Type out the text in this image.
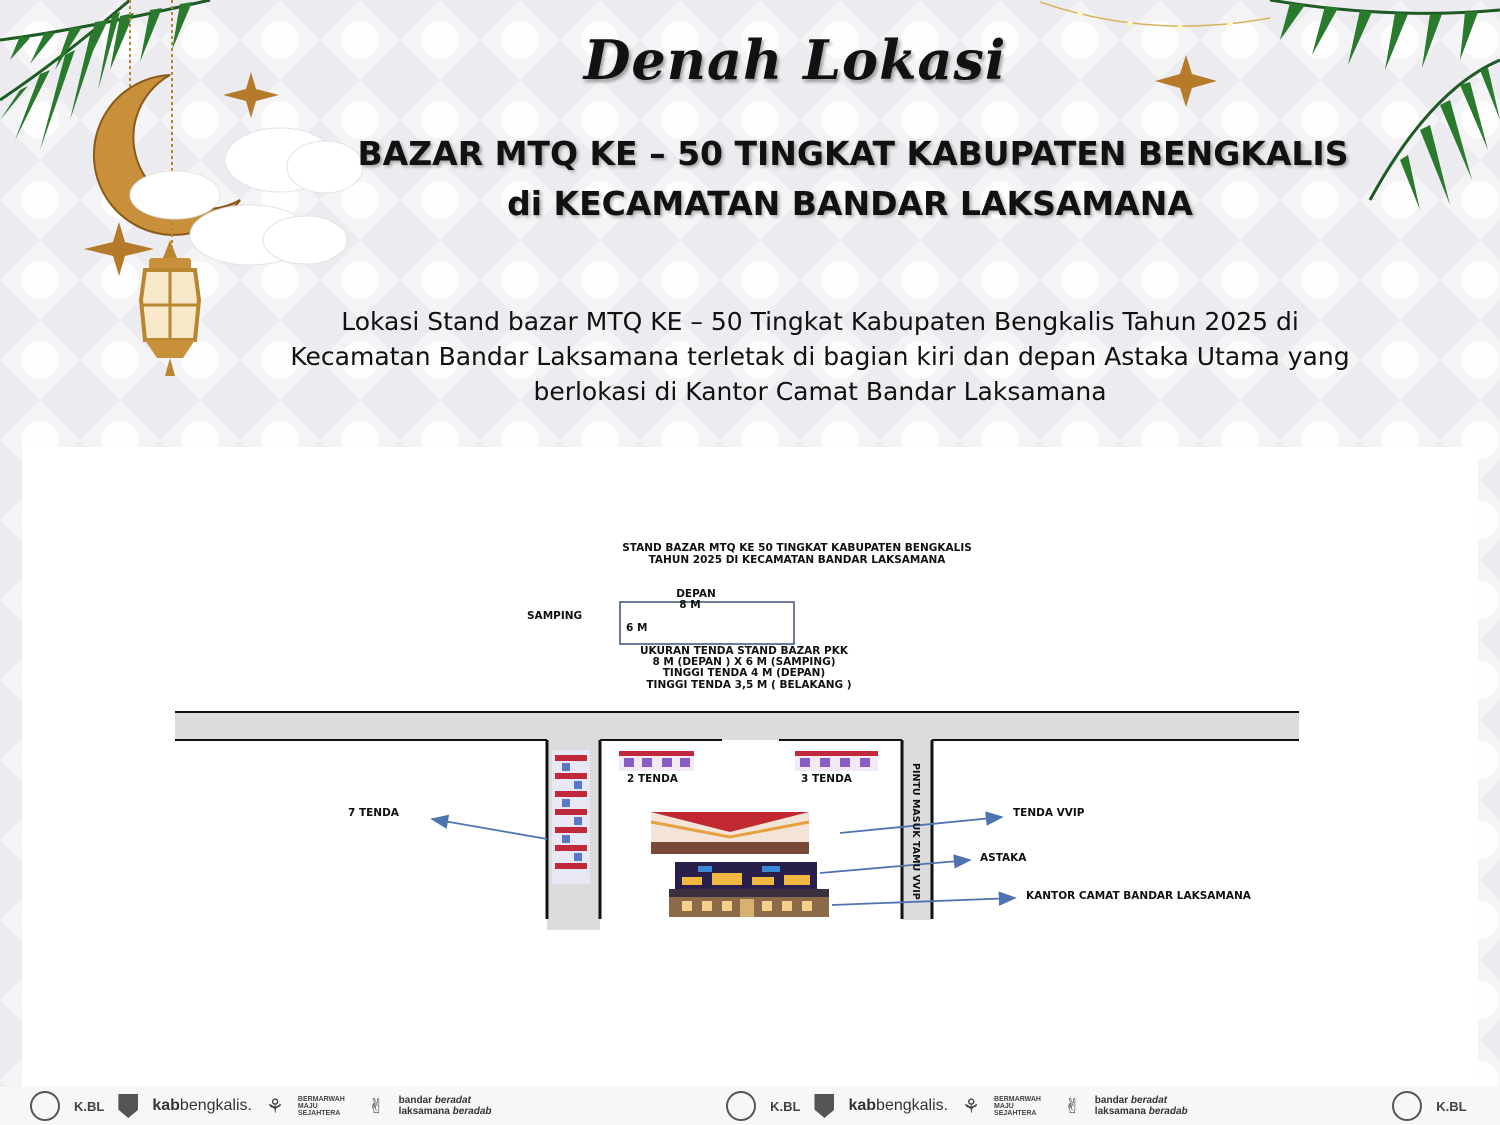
Denah Lokasi
BAZAR MTQ KE – 50 TINGKAT KABUPATEN BENGKALIS
di KECAMATAN BANDAR LAKSAMANA
Lokasi Stand bazar MTQ KE – 50 Tingkat Kabupaten Bengkalis Tahun 2025 di
Kecamatan Bandar Laksamana terletak di bagian kiri dan depan Astaka Utama yang
berlokasi di Kantor Camat Bandar Laksamana
STAND BAZAR MTQ KE 50 TINGKAT KABUPATEN BENGKALIS
TAHUN 2025 DI KECAMATAN BANDAR LAKSAMANA
DEPAN
8 M
SAMPING
6 M
UKURAN TENDA STAND BAZAR PKK
8 M (DEPAN ) X 6 M (SAMPING)
TINGGI TENDA 4 M (DEPAN)
TINGGI TENDA 3,5 M ( BELAKANG )
7 TENDA
2 TENDA	3 TENDA
TENDA VVIP
ASTAKA
KANTOR CAMAT BANDAR LAKSAMANA
PINTU MASUK TAMU VVIP
K.BL	kabbengkalis. ⚘ BERMARWAH
MAJU
SEJAHTERA	✌ bandar beradat
laksamana beradab	K.BL	kabbengkalis. ⚘ BERMARWAH
MAJU
SEJAHTERA	✌ bandar beradat
laksamana beradab	K.BL
